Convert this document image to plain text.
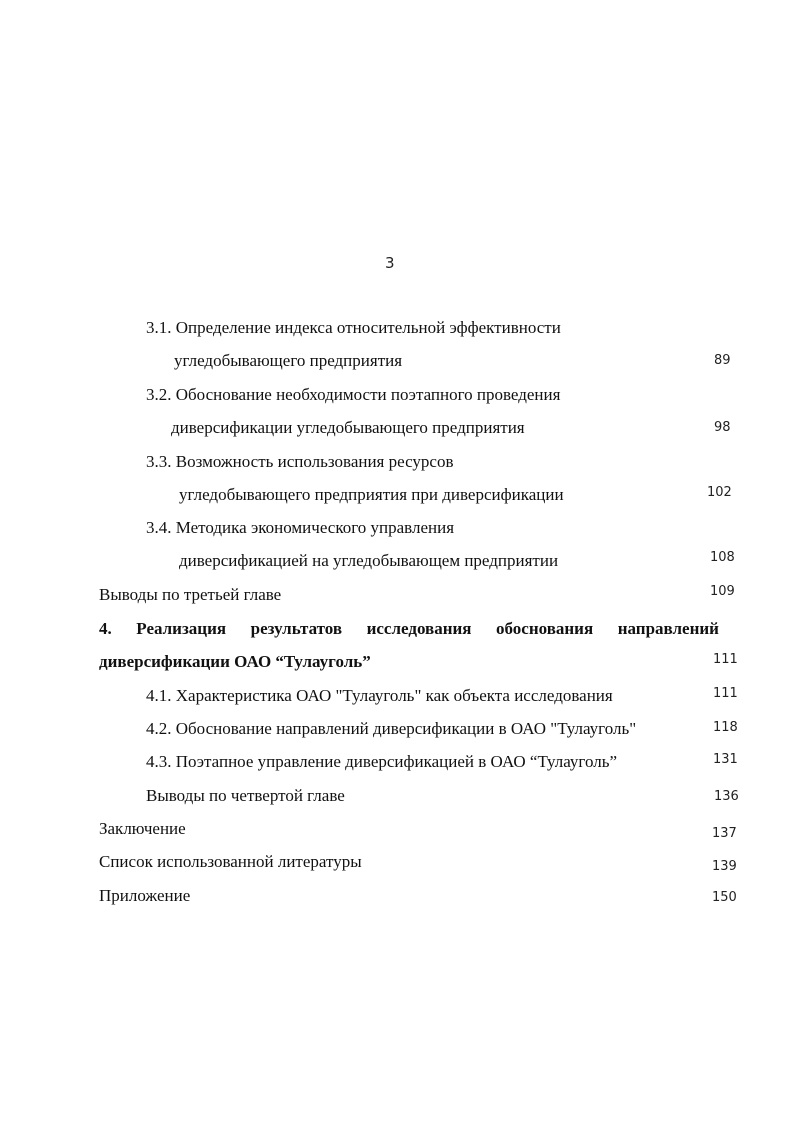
3
3.1. Определение индекса относительной эффективности
угледобывающего предприятия	89
3.2. Обоснование необходимости поэтапного проведения
диверсификации угледобывающего предприятия	98
3.3. Возможность использования ресурсов
угледобывающего предприятия при диверсификации	102
3.4. Методика экономического управления
диверсификацией на угледобывающем предприятии	108
Выводы по третьей главе	109
4. Реализация результатов исследования обоснования направлений
диверсификации ОАО “Тулауголь”	111
4.1. Характеристика ОАО "Тулауголь" как объекта исследования	111
4.2. Обоснование направлений диверсификации в ОАО "Тулауголь"	118
4.3. Поэтапное управление диверсификацией в ОАО “Тулауголь”	131
Выводы по четвертой главе	136
Заключение	137
Список использованной литературы	139
Приложение	150
